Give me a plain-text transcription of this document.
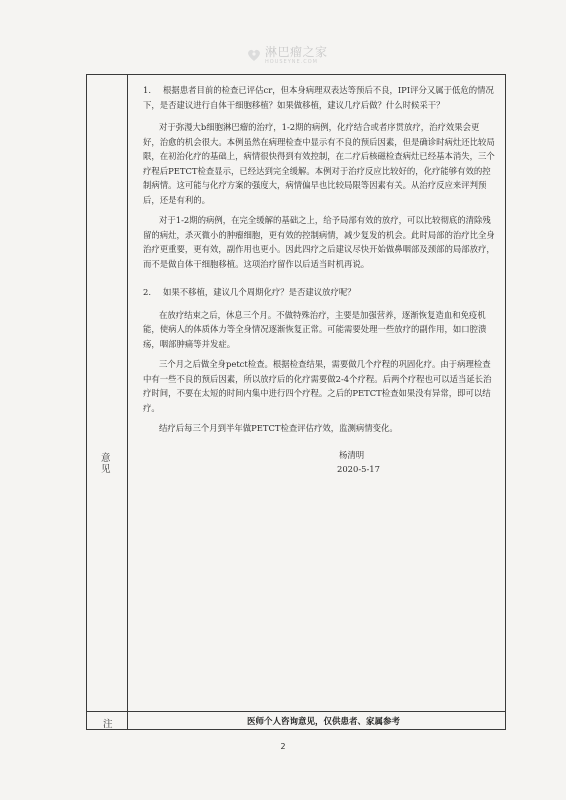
淋巴瘤之家
HOUSEYNE.COM
意见
注	医师个人咨询意见，仅供患者、家属参考
1. 根据患者目前的检查已评估cr，但本身病理双表达等预后不良，IPI评分又属于低危的情况下，是否建议进行自体干细胞移植？如果做移植，建议几疗后做？什么时候采干？
对于弥漫大b细胞淋巴瘤的治疗，1-2期的病例，化疗结合或者序贯放疗，治疗效果会更好，治愈的机会很大。本例虽然在病理检查中显示有不良的预后因素，但是确诊时病灶还比较局限，在初治化疗的基础上，病情很快得到有效控制，在二疗后核磁检查病灶已经基本消失，三个疗程后PETCT检查显示，已经达到完全缓解。本例对于治疗反应比较好的，化疗能够有效的控制病情。这可能与化疗方案的强度大，病情偏早也比较局限等因素有关。从治疗反应来评判预后，还是有利的。
对于1-2期的病例，在完全缓解的基础之上，给予局部有效的放疗，可以比较彻底的清除残留的病灶，杀灭微小的肿瘤细胞，更有效的控制病情，减少复发的机会。此时局部的治疗比全身治疗更重要，更有效，副作用也更小。因此四疗之后建议尽快开始做鼻咽部及颈部的局部放疗，而不是做自体干细胞移植。这项治疗留作以后适当时机再说。
2. 如果不移植，建议几个周期化疗？是否建议放疗呢？
在放疗结束之后，休息三个月。不做特殊治疗，主要是加强营养，逐渐恢复造血和免疫机能，使病人的体质体力等全身情况逐渐恢复正常。可能需要处理一些放疗的副作用，如口腔溃疡，咽部肿痛等并发症。
三个月之后做全身petct检查。根据检查结果，需要做几个疗程的巩固化疗。由于病理检查中有一些不良的预后因素，所以放疗后的化疗需要做2-4个疗程。后两个疗程也可以适当延长治疗时间，不要在太短的时间内集中进行四个疗程。之后的PETCT检查如果没有异常，即可以结疗。
结疗后每三个月到半年做PETCT检查评估疗效，监测病情变化。
杨清明
2020-5-17
2
